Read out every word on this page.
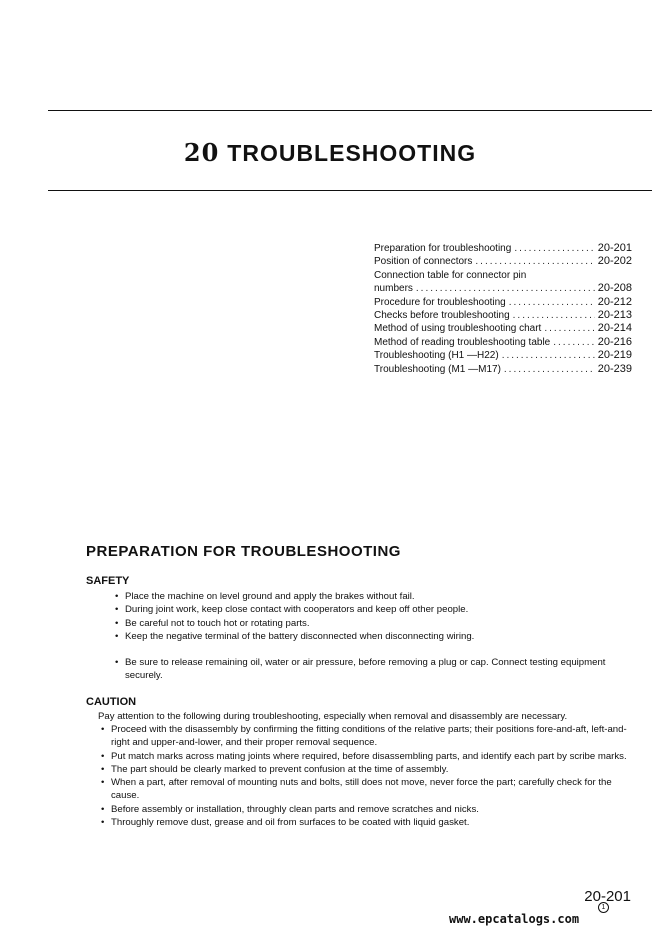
20 TROUBLESHOOTING
Preparation for troubleshooting .....	20-201
Position of connectors .....	20-202
Connection table for connector pin
numbers .....	20-208
Procedure for troubleshooting .....	20-212
Checks before troubleshooting .....	20-213
Method of using troubleshooting chart .....	20-214
Method of reading troubleshooting table .....	20-216
Troubleshooting (H1 —H22) .....	20-219
Troubleshooting (M1 —M17) .....	20-239
PREPARATION FOR TROUBLESHOOTING
SAFETY
• Place the machine on level ground and apply the brakes without fail.
• During joint work, keep close contact with cooperators and keep off other people.
• Be careful not to touch hot or rotating parts.
• Keep the negative terminal of the battery disconnected when disconnecting wiring.
• Be sure to release remaining oil, water or air pressure, before removing a plug or cap. Connect testing equipment securely.
CAUTION
Pay attention to the following during troubleshooting, especially when removal and disassembly are necessary.
• Proceed with the disassembly by confirming the fitting conditions of the relative parts; their positions fore-and-aft, left-and-right and upper-and-lower, and their proper removal sequence.
• Put match marks across mating joints where required, before disassembling parts, and identify each part by scribe marks.
• The part should be clearly marked to prevent confusion at the time of assembly.
• When a part, after removal of mounting nuts and bolts, still does not move, never force the part; carefully check for the cause.
• Before assembly or installation, throughly clean parts and remove scratches and nicks.
• Throughly remove dust, grease and oil from surfaces to be coated with liquid gasket.
20-201
1
www.epcatalogs.com
